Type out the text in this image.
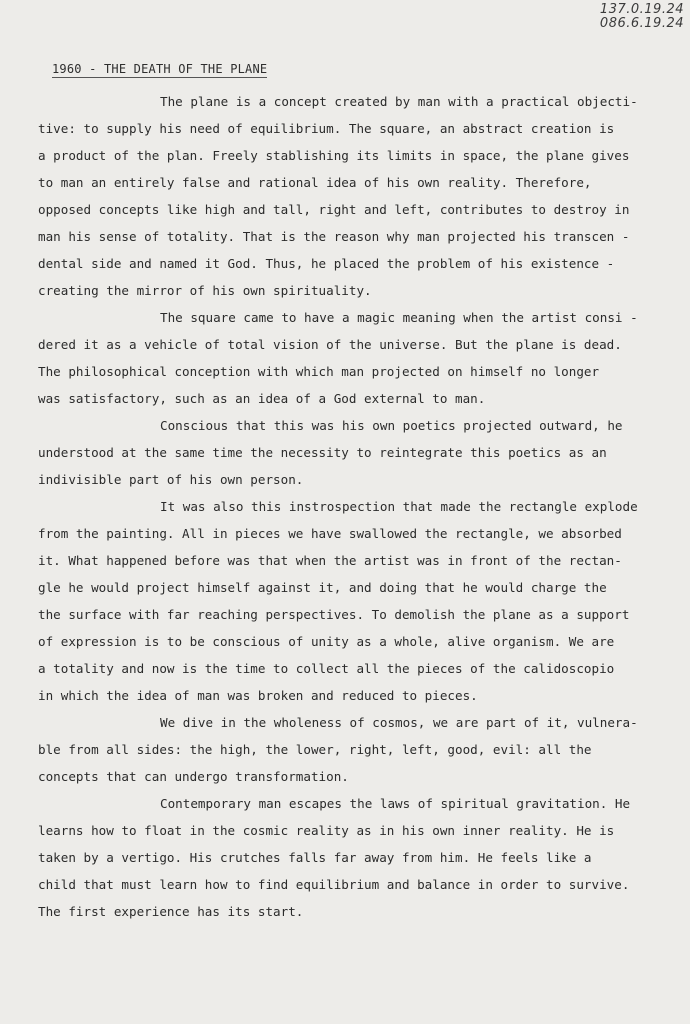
137.0.19.24
086.6.19.24
1960 - THE DEATH OF THE PLANE
The plane is a concept created by man with a practical objecti-
tive: to supply his need of equilibrium. The square, an abstract creation is
a product of the plan. Freely stablishing its limits in space, the plane gives
to man an entirely false and rational idea of his own reality. Therefore,
opposed concepts like high and tall, right and left, contributes to destroy in
man his sense of totality. That is the reason why man projected his transcen -
dental side and named it God. Thus, he placed the problem of his existence -
creating the mirror of his own spirituality.
The square came to have a magic meaning when the artist consi -
dered it as a vehicle of total vision of the universe. But the plane is dead.
The philosophical conception with which man projected on himself no longer
was satisfactory, such as an idea of a God external to man.
Conscious that this was his own poetics projected outward, he
understood at the same time the necessity to reintegrate this poetics as an
indivisible part of his own person.
It was also this instrospection that made the rectangle explode
from the painting. All in pieces we have swallowed the rectangle, we absorbed
it. What happened before was that when the artist was in front of the rectan-
gle he would project himself against it, and doing that he would charge the
the surface with far reaching perspectives. To demolish the plane as a support
of expression is to be conscious of unity as a whole, alive organism. We are
a totality and now is the time to collect all the pieces of the calidoscopio
in which the idea of man was broken and reduced to pieces.
We dive in the wholeness of cosmos, we are part of it, vulnera-
ble from all sides: the high, the lower, right, left, good, evil: all the
concepts that can undergo transformation.
Contemporary man escapes the laws of spiritual gravitation. He
learns how to float in the cosmic reality as in his own inner reality. He is
taken by a vertigo. His crutches falls far away from him. He feels like a
child that must learn how to find equilibrium and balance in order to survive.
The first experience has its start.
